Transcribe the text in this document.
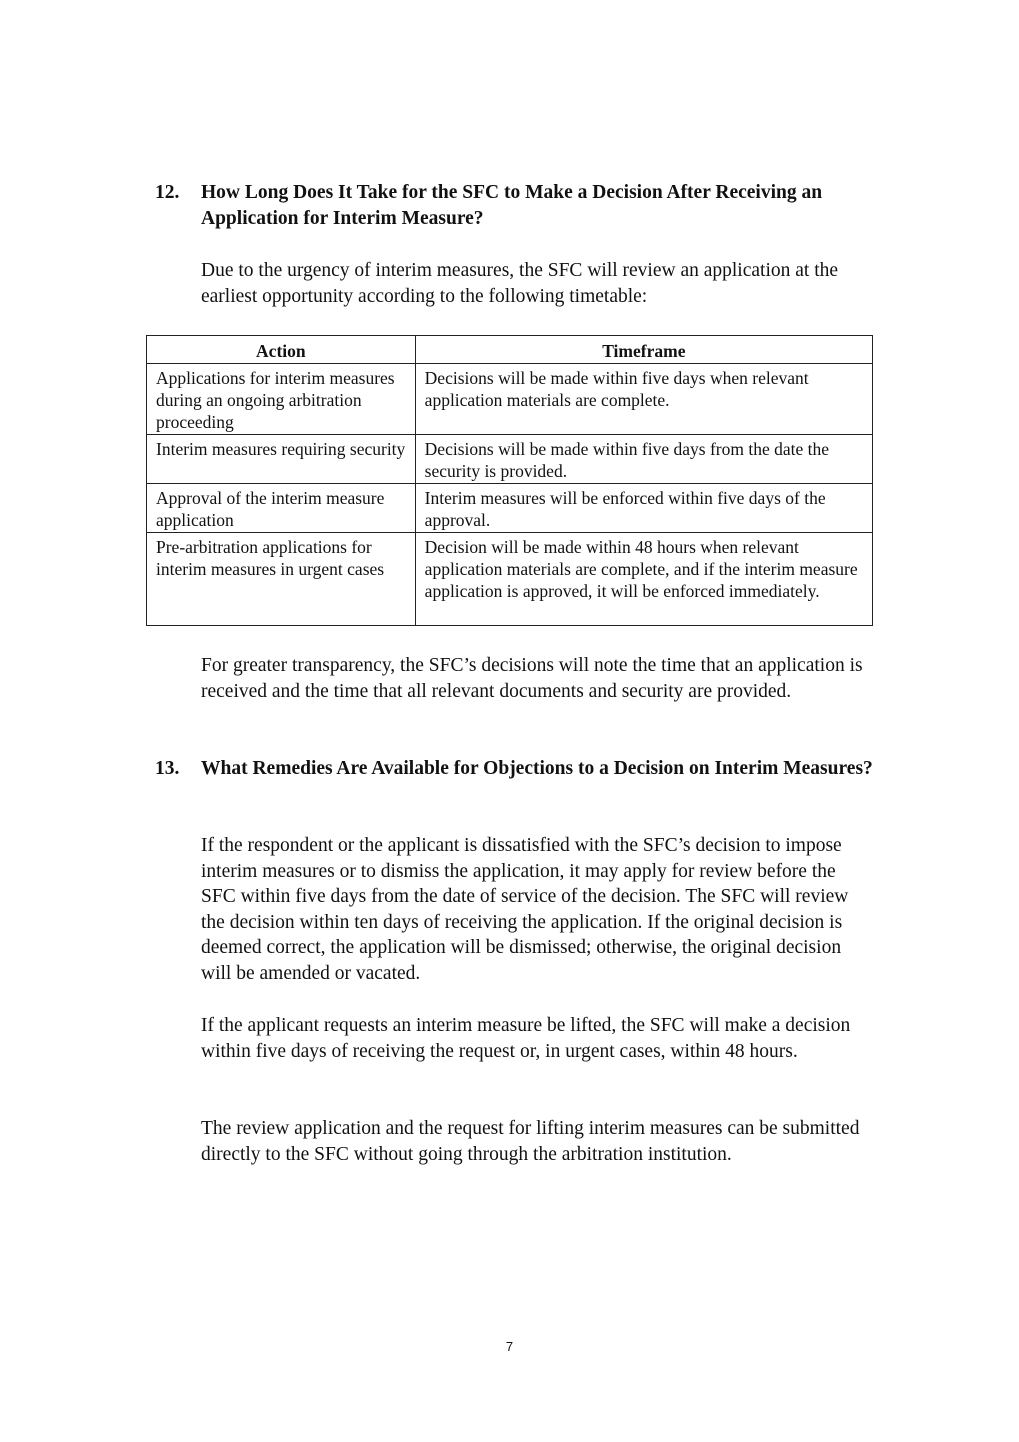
12. How Long Does It Take for the SFC to Make a Decision After Receiving an Application for Interim Measure?

Due to the urgency of interim measures, the SFC will review an application at the earliest opportunity according to the following timetable:

Action	Timeframe
Applications for interim measures during an ongoing arbitration proceeding	Decisions will be made within five days when relevant application materials are complete.
Interim measures requiring security	Decisions will be made within five days from the date the security is provided.
Approval of the interim measure application	Interim measures will be enforced within five days of the approval.
Pre-arbitration applications for interim measures in urgent cases	Decision will be made within 48 hours when relevant application materials are complete, and if the interim measure application is approved, it will be enforced immediately.

For greater transparency, the SFC’s decisions will note the time that an application is received and the time that all relevant documents and security are provided.

13. What Remedies Are Available for Objections to a Decision on Interim Measures?

If the respondent or the applicant is dissatisfied with the SFC’s decision to impose interim measures or to dismiss the application, it may apply for review before the SFC within five days from the date of service of the decision. The SFC will review the decision within ten days of receiving the application. If the original decision is deemed correct, the application will be dismissed; otherwise, the original decision will be amended or vacated.

If the applicant requests an interim measure be lifted, the SFC will make a decision within five days of receiving the request or, in urgent cases, within 48 hours.

The review application and the request for lifting interim measures can be submitted directly to the SFC without going through the arbitration institution.

7
